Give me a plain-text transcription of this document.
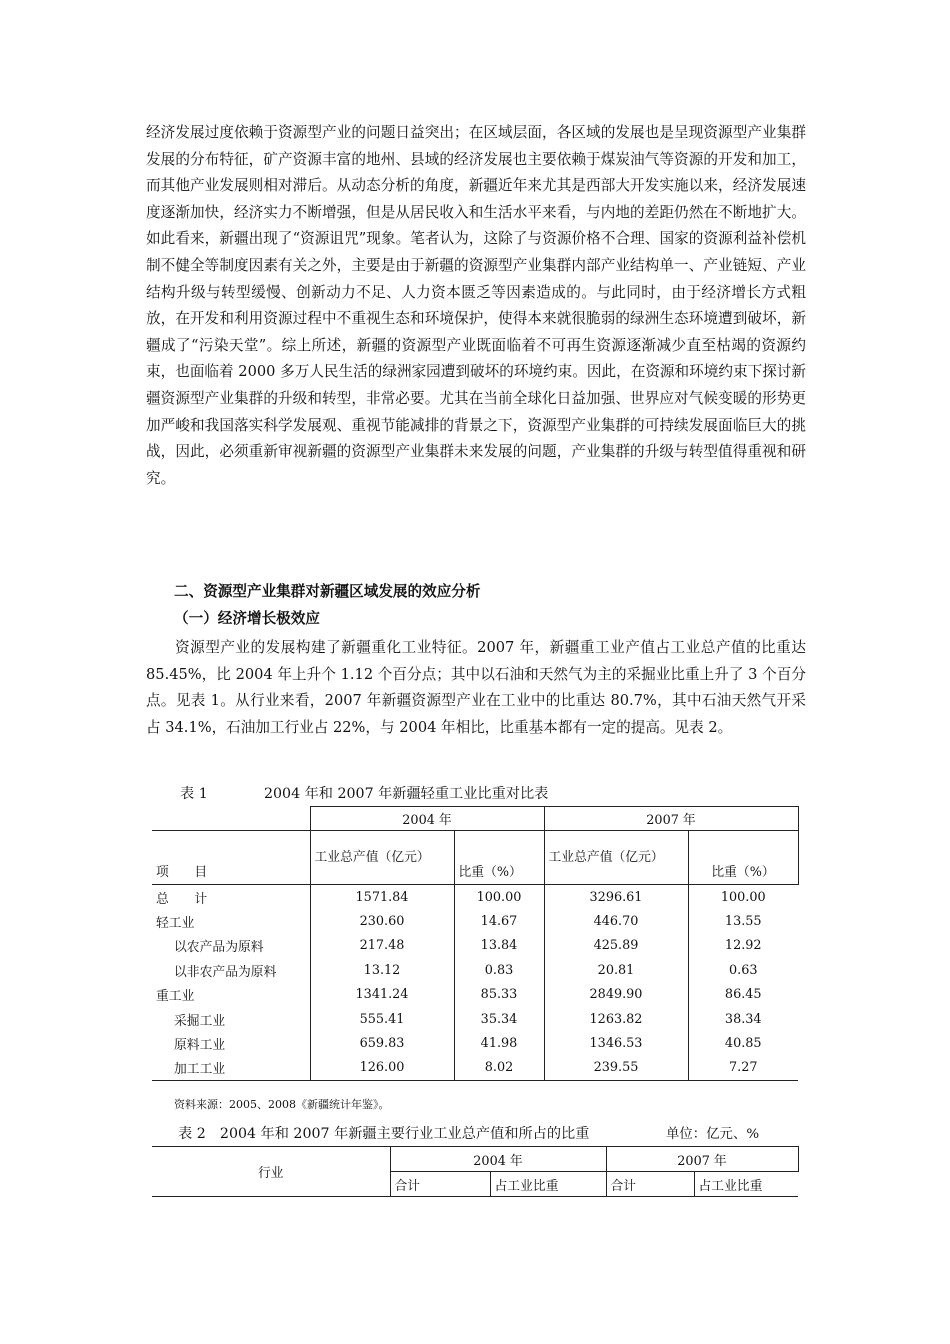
经济发展过度依赖于资源型产业的问题日益突出；在区域层面，各区域的发展也是呈现资源型产业集群发展的分布特征，矿产资源丰富的地州、县域的经济发展也主要依赖于煤炭油气等资源的开发和加工，而其他产业发展则相对滞后。从动态分析的角度，新疆近年来尤其是西部大开发实施以来，经济发展速度逐渐加快，经济实力不断增强，但是从居民收入和生活水平来看，与内地的差距仍然在不断地扩大。如此看来，新疆出现了“资源诅咒”现象。笔者认为，这除了与资源价格不合理、国家的资源利益补偿机制不健全等制度因素有关之外，主要是由于新疆的资源型产业集群内部产业结构单一、产业链短、产业结构升级与转型缓慢、创新动力不足、人力资本匮乏等因素造成的。与此同时，由于经济增长方式粗放，在开发和利用资源过程中不重视生态和环境保护，使得本来就很脆弱的绿洲生态环境遭到破坏，新疆成了“污染天堂”。综上所述，新疆的资源型产业既面临着不可再生资源逐渐减少直至枯竭的资源约束，也面临着 2000 多万人民生活的绿洲家园遭到破坏的环境约束。因此，在资源和环境约束下探讨新疆资源型产业集群的升级和转型，非常必要。尤其在当前全球化日益加强、世界应对气候变暖的形势更加严峻和我国落实科学发展观、重视节能减排的背景之下，资源型产业集群的可持续发展面临巨大的挑战，因此，必须重新审视新疆的资源型产业集群未来发展的问题，产业集群的升级与转型值得重视和研究。

二、资源型产业集群对新疆区域发展的效应分析

（一）经济增长极效应

资源型产业的发展构建了新疆重化工业特征。2007 年，新疆重工业产值占工业总产值的比重达 85.45%，比 2004 年上升个 1.12 个百分点；其中以石油和天然气为主的采掘业比重上升了 3 个百分点。见表 1。从行业来看，2007 年新疆资源型产业在工业中的比重达 80.7%，其中石油天然气开采占 34.1%，石油加工行业占 22%，与 2004 年相比，比重基本都有一定的提高。见表 2。

表 1	2004 年和 2007 年新疆轻重工业比重对比表

	2004 年		2007 年	
项　　目	工业总产值（亿元）	比重（%）	工业总产值（亿元）	比重（%）
总　　计	1571.84	100.00	3296.61	100.00
轻工业	230.60	14.67	446.70	13.55
以农产品为原料	217.48	13.84	425.89	12.92
以非农产品为原料	13.12	0.83	20.81	0.63
重工业	1341.24	85.33	2849.90	86.45
采掘工业	555.41	35.34	1263.82	38.34
原料工业	659.83	41.98	1346.53	40.85
加工工业	126.00	8.02	239.55	7.27

资料来源：2005、2008《新疆统计年鉴》。

表 2　2004 年和 2007 年新疆主要行业工业总产值和所占的比重	单位：亿元、%

行业	2004 年		2007 年	
	合计	占工业比重	合计	占工业比重
